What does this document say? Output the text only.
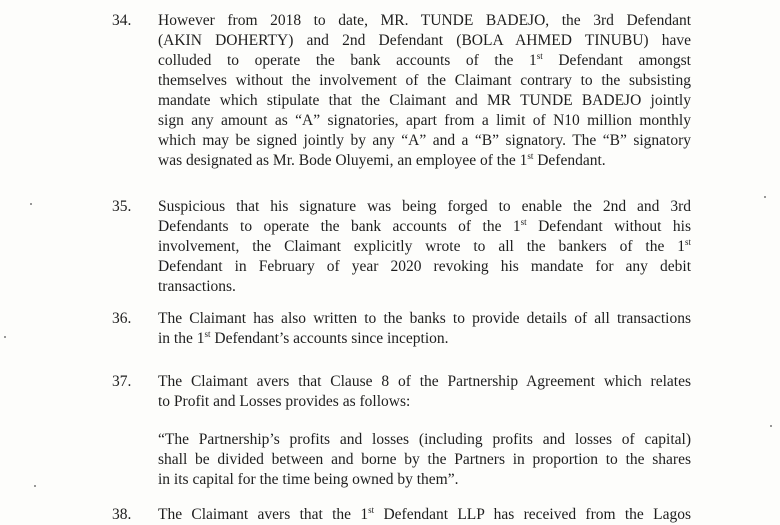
34. However from 2018 to date, MR. TUNDE BADEJO, the 3rd Defendant
(AKIN DOHERTY) and 2nd Defendant (BOLA AHMED TINUBU) have
colluded to operate the bank accounts of the 1st Defendant amongst
themselves without the involvement of the Claimant contrary to the subsisting
mandate which stipulate that the Claimant and MR TUNDE BADEJO jointly
sign any amount as “A” signatories, apart from a limit of N10 million monthly
which may be signed jointly by any “A” and a “B” signatory. The “B” signatory
was designated as Mr. Bode Oluyemi, an employee of the 1st Defendant.

35. Suspicious that his signature was being forged to enable the 2nd and 3rd
Defendants to operate the bank accounts of the 1st Defendant without his
involvement, the Claimant explicitly wrote to all the bankers of the 1st
Defendant in February of year 2020 revoking his mandate for any debit
transactions.

36. The Claimant has also written to the banks to provide details of all transactions
in the 1st Defendant’s accounts since inception.

37. The Claimant avers that Clause 8 of the Partnership Agreement which relates
to Profit and Losses provides as follows:
“The Partnership’s profits and losses (including profits and losses of capital)
shall be divided between and borne by the Partners in proportion to the shares
in its capital for the time being owned by them”.

38. The Claimant avers that the 1st Defendant LLP has received from the Lagos
